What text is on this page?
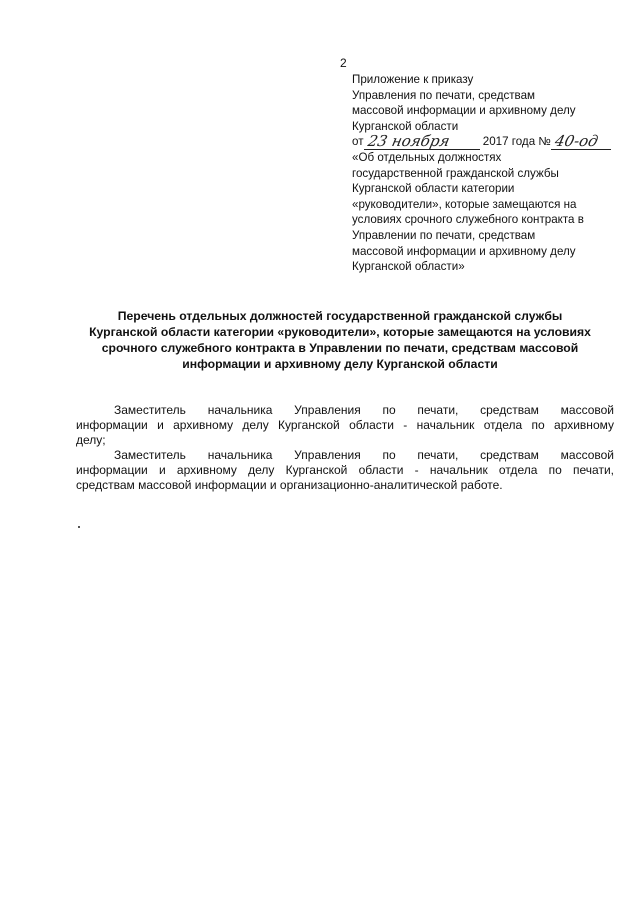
2
Приложение к приказу
Управления по печати, средствам
массовой информации и архивному делу
Курганской области
от 23 ноября	2017 года № 40-од
«Об отдельных должностях
государственной гражданской службы
Курганской области категории
«руководители», которые замещаются на
условиях срочного служебного контракта в
Управлении по печати, средствам
массовой информации и архивному делу
Курганской области»
Перечень отдельных должностей государственной гражданской службы
Курганской области категории «руководители», которые замещаются на условиях
срочного служебного контракта в Управлении по печати, средствам массовой
информации и архивному делу Курганской области
Заместитель начальника Управления по печати, средствам массовой
информации и архивному делу Курганской области - начальник отдела по архивному
делу;
Заместитель начальника Управления по печати, средствам массовой
информации и архивному делу Курганской области - начальник отдела по печати,
средствам массовой информации и организационно-аналитической работе.
